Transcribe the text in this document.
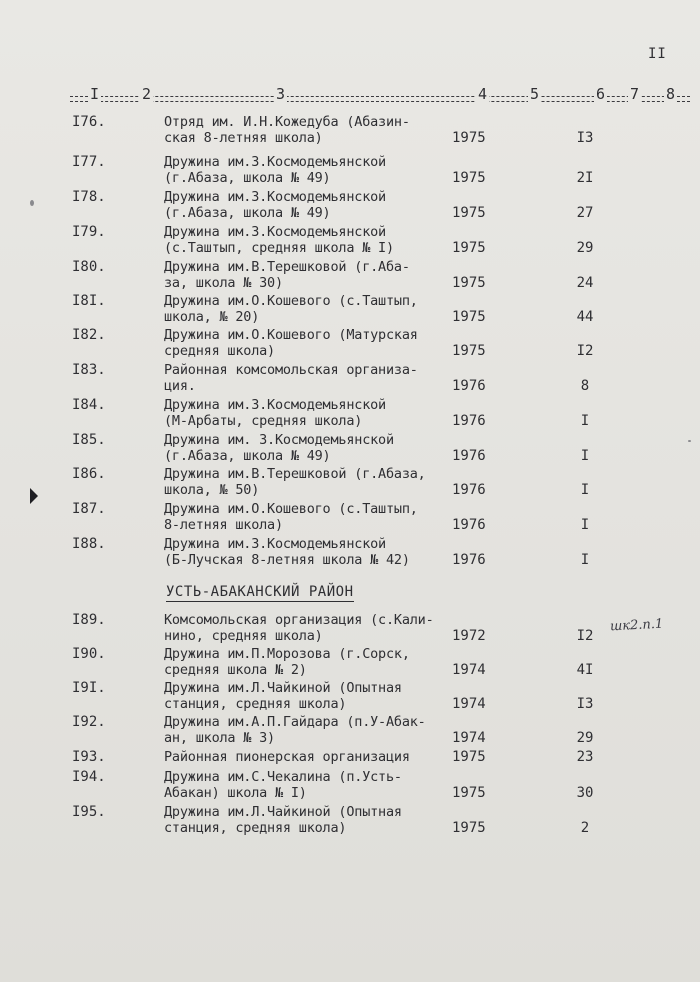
II
I	2	3	4	5	6 7 8
I76.	Отряд им. И.Н.Кожедуба (Абазин-
ская 8-летняя школа)	1975	I3
I77.	Дружина им.З.Космодемьянской
(г.Абаза, школа № 49)	1975	2I
I78.	Дружина им.З.Космодемьянской
(г.Абаза, школа № 49)	1975	27
I79.	Дружина им.З.Космодемьянской
(с.Таштып, средняя школа № I)	1975	29
I80.	Дружина им.В.Терешковой (г.Аба-
за, школа № 30)	1975	24
I8I.	Дружина им.О.Кошевого (с.Таштып,
школа, № 20)	1975	44
I82.	Дружина им.О.Кошевого (Матурская
средняя школа)	1975	I2
I83.	Районная комсомольская организа-
ция.	1976	8
I84.	Дружина им.З.Космодемьянской
(М-Арбаты, средняя школа)	1976	I
I85.	Дружина им. З.Космодемьянской
(г.Абаза, школа № 49)	1976	I
I86.	Дружина им.В.Терешковой (г.Абаза,
школа, № 50)	1976	I
I87.	Дружина им.О.Кошевого (с.Таштып,
8-летняя школа)	1976	I
I88.	Дружина им.З.Космодемьянской
(Б-Лучская 8-летняя школа № 42)	1976	I
УСТЬ-АБАКАНСКИЙ РАЙОН
I89.	Комсомольская организация (с.Кали-
нино, средняя школа)	1972	I2
I90.	Дружина им.П.Морозова (г.Сорск,
средняя школа № 2)	1974	4I
I9I.	Дружина им.Л.Чайкиной (Опытная
станция, средняя школа)	1974	I3
I92.	Дружина им.А.П.Гайдара (п.У-Абак-
ан, школа № 3)	1974	29
I93.	Районная пионерская организация	1975	23
I94.	Дружина им.С.Чекалина (п.Усть-
Абакан) школа № I)	1975	30
I95.	Дружина им.Л.Чайкиной (Опытная
станция, средняя школа)	1975	2
шк2.п.1
